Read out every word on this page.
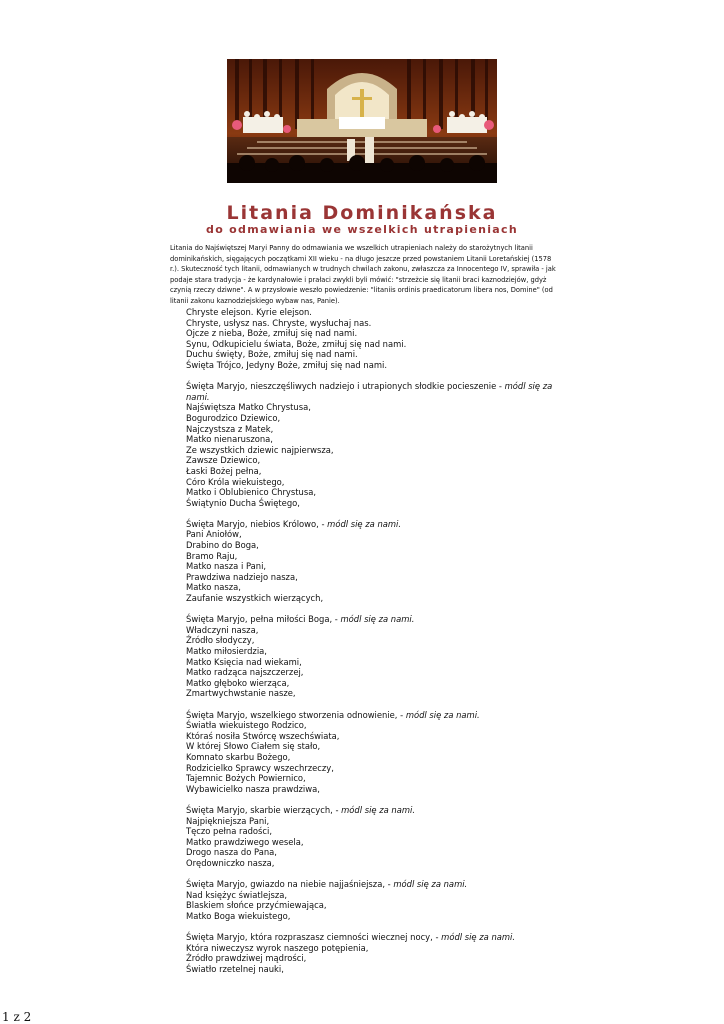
Litania Dominikańska
do odmawiania we wszelkich utrapieniach
Litania do Najświętszej Maryi Panny do odmawiania we wszelkich utrapieniach należy do starożytnych litanii dominikańskich, sięgających początkami XII wieku - na długo jeszcze przed powstaniem Litanii Loretańskiej (1578 r.). Skuteczność tych litanii, odmawianych w trudnych chwilach zakonu, zwłaszcza za Innocentego IV, sprawiła - jak podaje stara tradycja - że kardynałowie i prałaci zwykli byli mówić: "strzeżcie się litanii braci kaznodziejów, gdyż czynią rzeczy dziwne". A w przysłowie weszło powiedzenie: "litaniis ordinis praedicatorum libera nos, Domine" (od litanii zakonu kaznodziejskiego wybaw nas, Panie).
Chryste elejson. Kyrie elejson.
Chryste, usłysz nas. Chryste, wysłuchaj nas.
Ojcze z nieba, Boże, zmiłuj się nad nami.
Synu, Odkupicielu świata, Boże, zmiłuj się nad nami.
Duchu święty, Boże, zmiłuj się nad nami.
Święta Trójco, Jedyny Boże, zmiłuj się nad nami.
Święta Maryjo, nieszczęśliwych nadziejo i utrapionych słodkie pocieszenie - módl się za nami.
Najświętsza Matko Chrystusa,
Bogurodzico Dziewico,
Najczystsza z Matek,
Matko nienaruszona,
Ze wszystkich dziewic najpierwsza,
Zawsze Dziewico,
Łaski Bożej pełna,
Córo Króla wiekuistego,
Matko i Oblubienico Chrystusa,
Świątynio Ducha Świętego,
Święta Maryjo, niebios Królowo, - módl się za nami.
Pani Aniołów,
Drabino do Boga,
Bramo Raju,
Matko nasza i Pani,
Prawdziwa nadziejo nasza,
Matko nasza,
Zaufanie wszystkich wierzących,
Święta Maryjo, pełna miłości Boga, - módl się za nami.
Władczyni nasza,
Źródło słodyczy,
Matko miłosierdzia,
Matko Księcia nad wiekami,
Matko radząca najszczerzej,
Matko głęboko wierząca,
Zmartwychwstanie nasze,
Święta Maryjo, wszelkiego stworzenia odnowienie, - módl się za nami.
Światła wiekuistego Rodzico,
Któraś nosiła Stwórcę wszechświata,
W której Słowo Ciałem się stało,
Komnato skarbu Bożego,
Rodzicielko Sprawcy wszechrzeczy,
Tajemnic Bożych Powiernico,
Wybawicielko nasza prawdziwa,
Święta Maryjo, skarbie wierzących, - módl się za nami.
Najpiękniejsza Pani,
Tęczo pełna radości,
Matko prawdziwego wesela,
Drogo nasza do Pana,
Orędowniczko nasza,
Święta Maryjo, gwiazdo na niebie najjaśniejsza, - módl się za nami.
Nad księżyc światlejsza,
Blaskiem słońce przyćmiewająca,
Matko Boga wiekuistego,
Święta Maryjo, która rozpraszasz ciemności wiecznej nocy, - módl się za nami.
Która niweczysz wyrok naszego potępienia,
Źródło prawdziwej mądrości,
Światło rzetelnej nauki,
1 z 2
